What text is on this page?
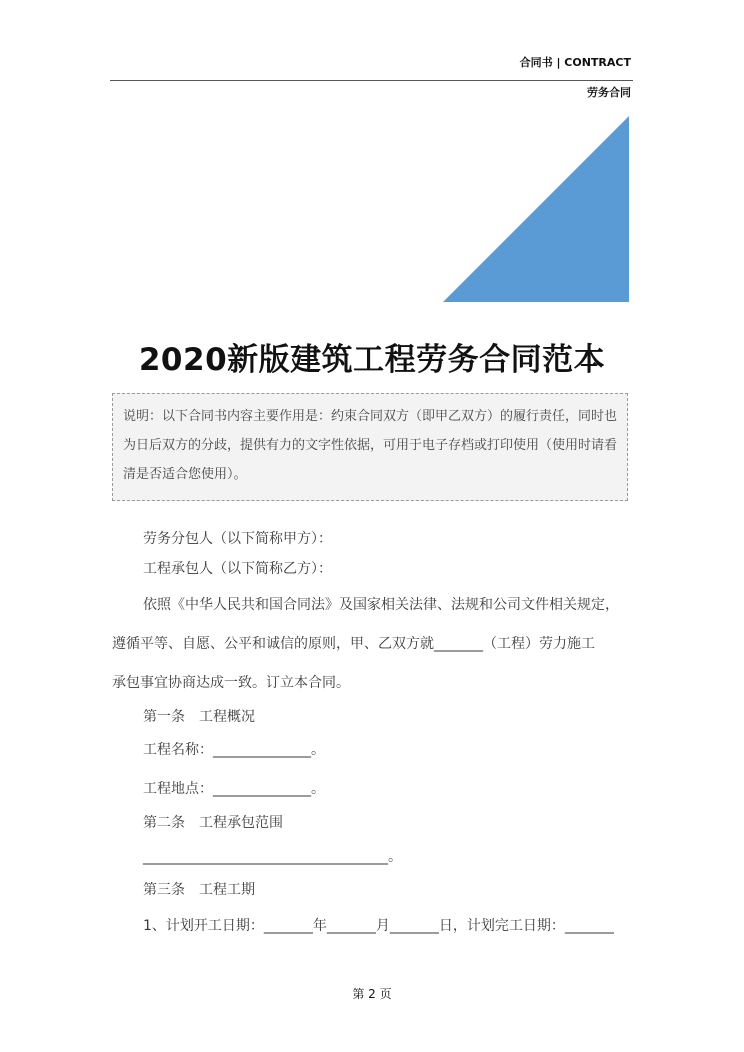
合同书 | CONTRACT
劳务合同
2020新版建筑工程劳务合同范本
说明：以下合同书内容主要作用是：约束合同双方（即甲乙双方）的履行责任，同时也为日后双方的分歧，提供有力的文字性依据，可用于电子存档或打印使用（使用时请看清是否适合您使用）。
劳务分包人（以下简称甲方）：
工程承包人（以下简称乙方）：
依照《中华人民共和国合同法》及国家相关法律、法规和公司文件相关规定，
遵循平等、自愿、公平和诚信的原则，甲、乙双方就_______（工程）劳力施工
承包事宜协商达成一致。订立本合同。
第一条　工程概况
工程名称：______________。
工程地点：______________。
第二条　工程承包范围
___________________________________。
第三条　工程工期
1、计划开工日期：_______年_______月_______日，计划完工日期：_______
第 2 页
